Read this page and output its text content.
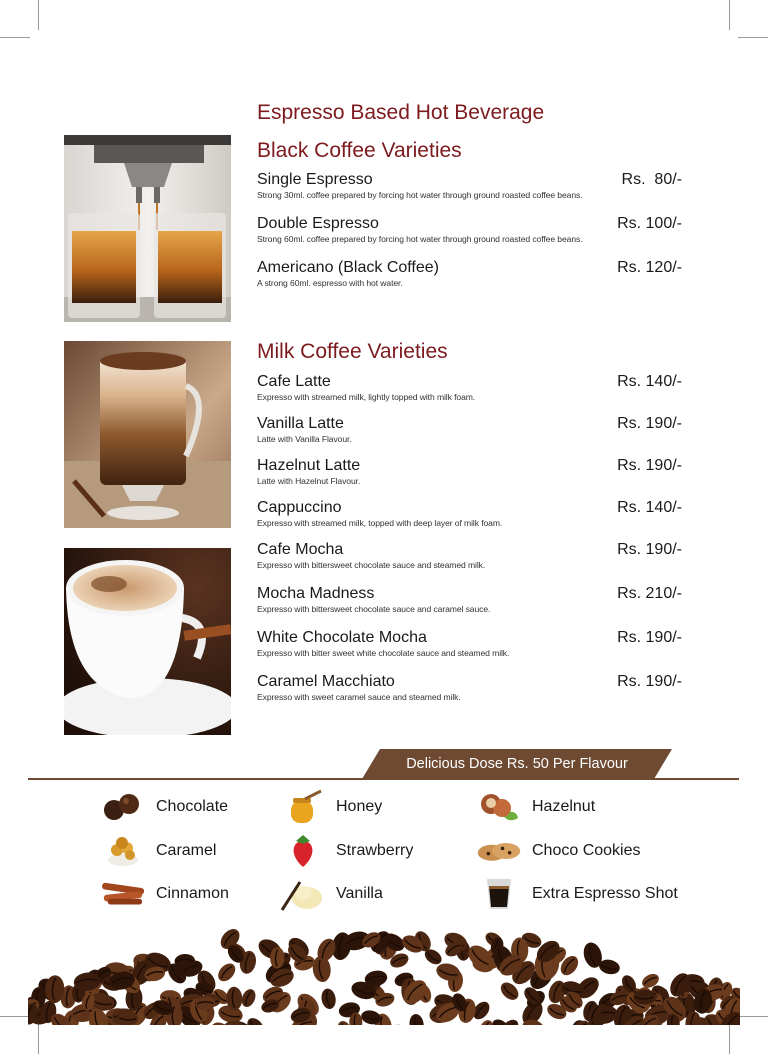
Espresso Based Hot Beverage
Black Coffee Varieties
Milk Coffee Varieties
Single Espresso	Rs.  80/-
Strong 30ml. coffee prepared by forcing hot water through ground roasted coffee beans.
Double Espresso	Rs. 100/-
Strong 60ml. coffee prepared by forcing hot water through ground roasted coffee beans.
Americano (Black Coffee)	Rs. 120/-
A strong 60ml. espresso with hot water.
Cafe Latte	Rs. 140/-
Expresso with streamed milk, lightly topped with milk foam.
Vanilla Latte	Rs. 190/-
Latte with Vanilla Flavour.
Hazelnut Latte	Rs. 190/-
Latte with Hazelnut Flavour.
Cappuccino	Rs. 140/-
Expresso with streamed milk, topped with deep layer of milk foam.
Cafe Mocha	Rs. 190/-
Expresso with bittersweet chocolate sauce and steamed milk.
Mocha Madness	Rs. 210/-
Expresso with bittersweet chocolate sauce and caramel sauce.
White Chocolate Mocha	Rs. 190/-
Expresso with bitter sweet white chocolate sauce and steamed milk.
Caramel Macchiato	Rs. 190/-
Expresso with sweet caramel sauce and steamed milk.
Delicious Dose Rs. 50 Per Flavour
Chocolate	Honey	Hazelnut
Caramel	Strawberry	Choco Cookies
Cinnamon	Vanilla	Extra Espresso Shot
